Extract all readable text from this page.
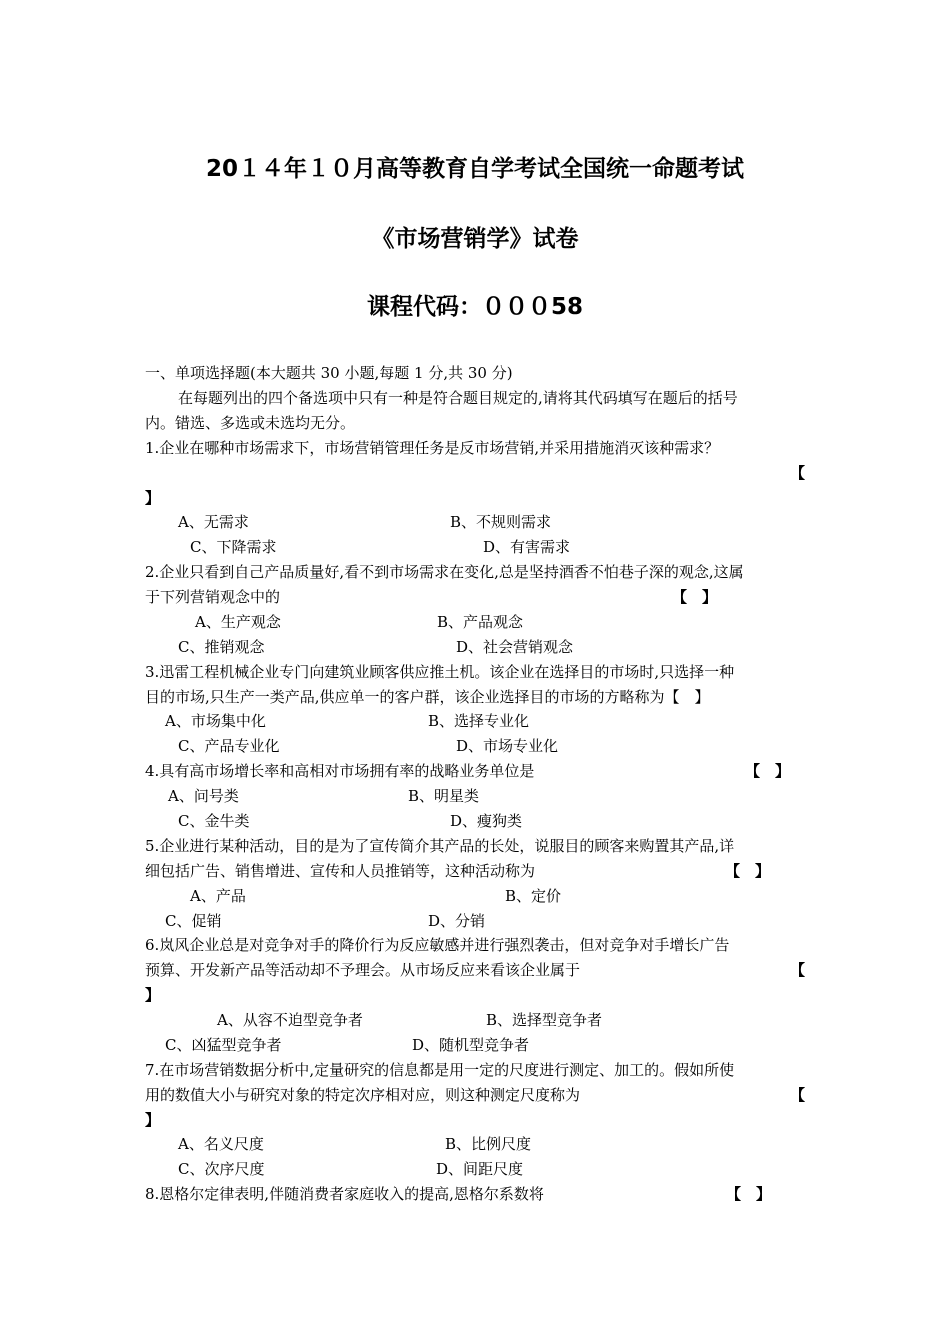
20１４年１０月高等教育自学考试全国统一命题考试
《市场营销学》试卷
课程代码：０００58
一、单项选择题(本大题共 30 小题,每题 1 分,共 30 分)
在每题列出的四个备选项中只有一种是符合题目规定的,请将其代码填写在题后的括号
内。错选、多选或未选均无分。
1.企业在哪种市场需求下，市场营销管理任务是反市场营销,并采用措施消灭该种需求？
【
】
A、无需求	B、不规则需求
C、下降需求	D、有害需求
2.企业只看到自己产品质量好,看不到市场需求在变化,总是坚持酒香不怕巷子深的观念,这属
于下列营销观念中的	【　】
A、生产观念	B、产品观念
C、推销观念	D、社会营销观念
3.迅雷工程机械企业专门向建筑业顾客供应推土机。该企业在选择目的市场时,只选择一种
目的市场,只生产一类产品,供应单一的客户群，该企业选择目的市场的方略称为【　】
A、市场集中化	B、选择专业化
C、产品专业化	D、市场专业化
4.具有高市场增长率和高相对市场拥有率的战略业务单位是	【　】
A、问号类	B、明星类
C、金牛类	D、瘦狗类
5.企业进行某种活动，目的是为了宣传简介其产品的长处，说服目的顾客来购置其产品,详
细包括广告、销售增进、宣传和人员推销等，这种活动称为	【　】
A、产品	B、定价
C、促销	D、分销
6.岚风企业总是对竞争对手的降价行为反应敏感并进行强烈袭击，但对竞争对手增长广告
预算、开发新产品等活动却不予理会。从市场反应来看该企业属于	【
】
A、从容不迫型竞争者	B、选择型竞争者
C、凶猛型竞争者	D、随机型竞争者
7.在市场营销数据分析中,定量研究的信息都是用一定的尺度进行测定、加工的。假如所使
用的数值大小与研究对象的特定次序相对应，则这种测定尺度称为	【
】
A、名义尺度	B、比例尺度
C、次序尺度	D、间距尺度
8.恩格尔定律表明,伴随消费者家庭收入的提高,恩格尔系数将	【　】
